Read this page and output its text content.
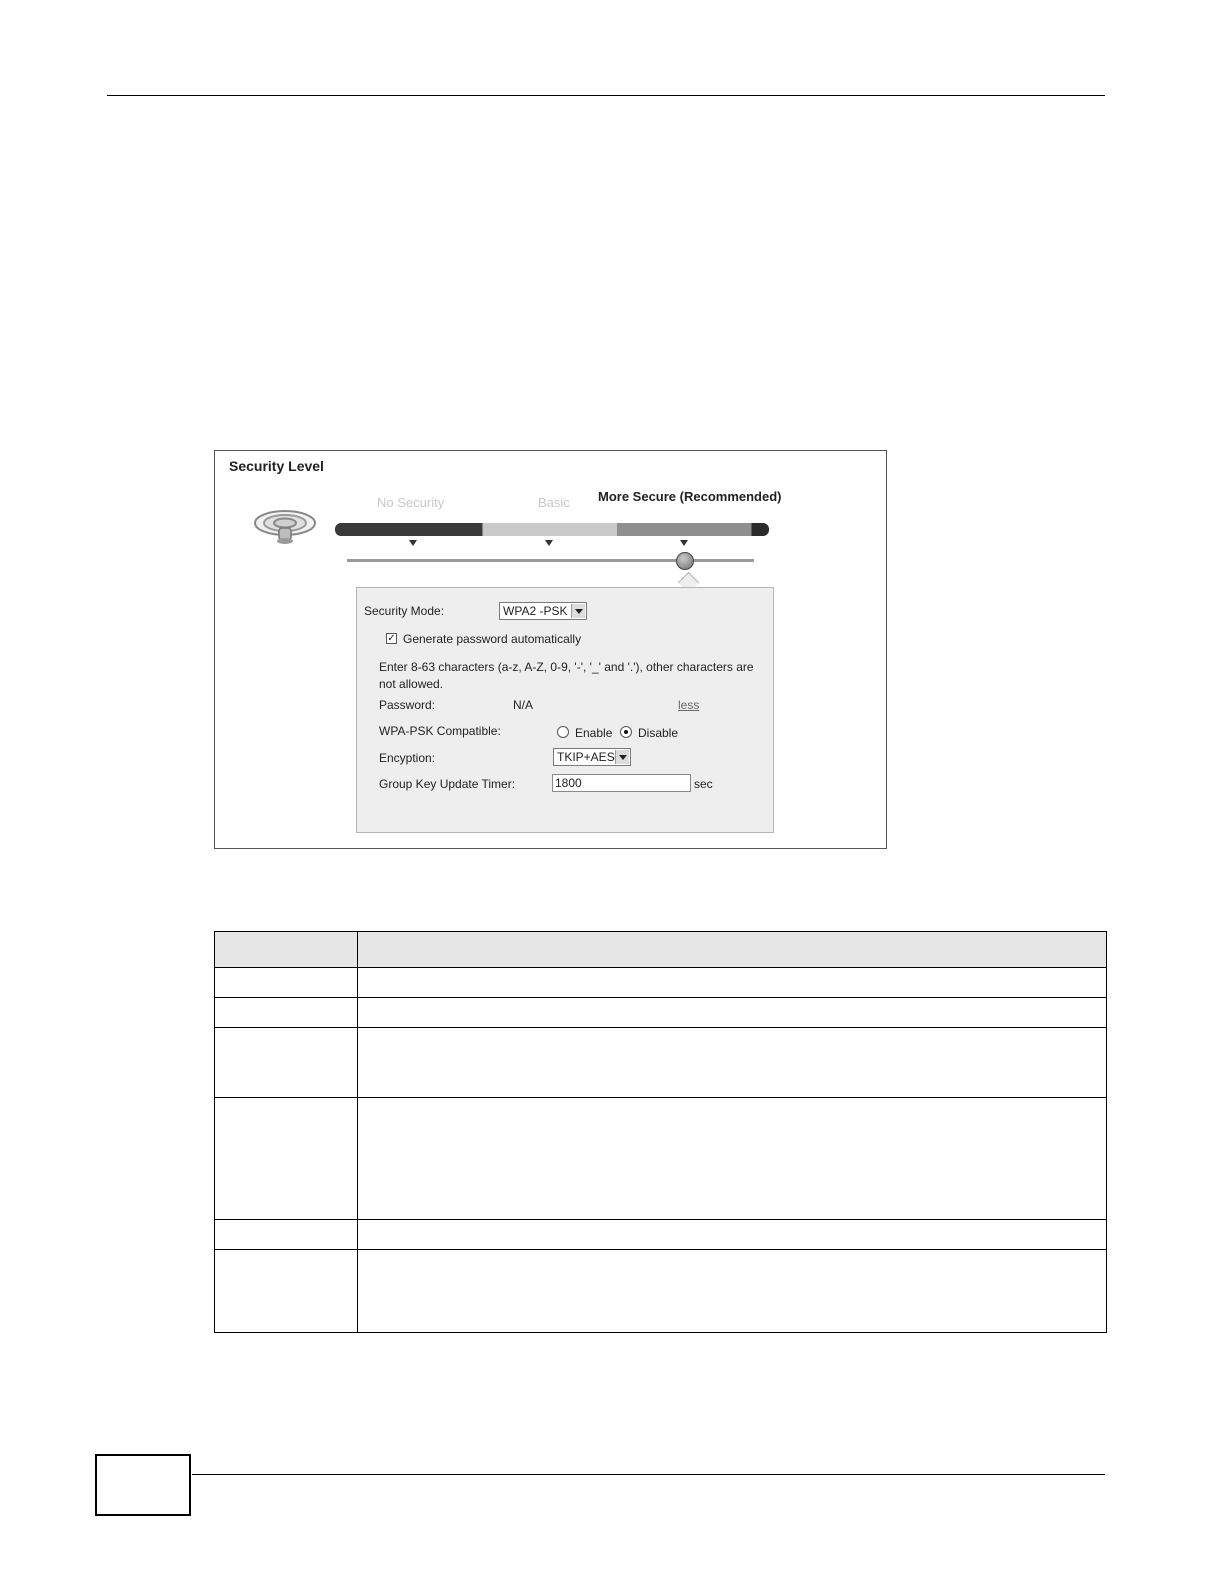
Security Level
No Security	Basic More Secure (Recommended)
Security Mode:	WPA2 -PSK
✓ Generate password automatically
Enter 8-63 characters (a-z, A-Z, 0-9, '-', '_' and '.'), other characters are
not allowed.
Password:	N/A	less
WPA-PSK Compatible:	Enable Disable
Encyption:	TKIP+AES
Group Key Update Timer:	1800	sec
